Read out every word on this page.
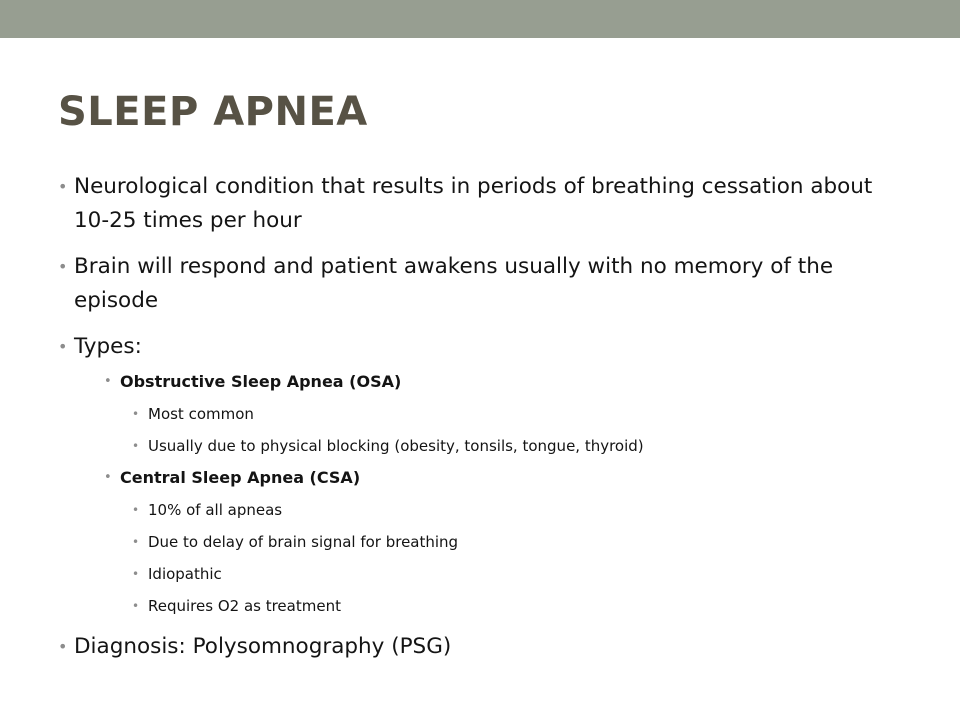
SLEEP APNEA
• Neurological condition that results in periods of breathing cessation about 10-25 times per hour
• Brain will respond and patient awakens usually with no memory of the episode
• Types:
• Obstructive Sleep Apnea (OSA)
• Most common
• Usually due to physical blocking (obesity, tonsils, tongue, thyroid)
• Central Sleep Apnea (CSA)
• 10% of all apneas
• Due to delay of brain signal for breathing
• Idiopathic
• Requires O2 as treatment
• Diagnosis: Polysomnography (PSG)
